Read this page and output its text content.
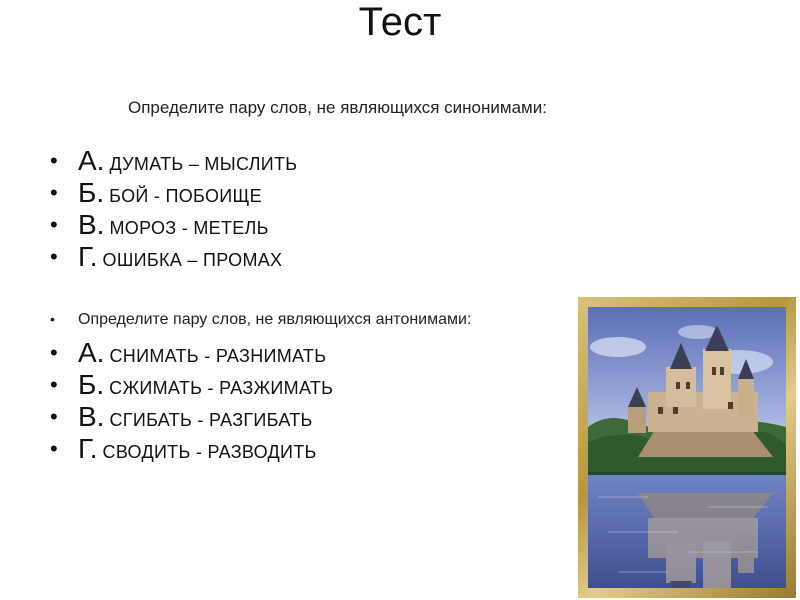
Тест
Определите пару слов, не являющихся синонимами:
• А. ДУМАТЬ – МЫСЛИТЬ
• Б. БОЙ - ПОБОИЩЕ
• В. МОРОЗ - МЕТЕЛЬ
• Г. ОШИБКА – ПРОМАХ
• Определите пару слов, не являющихся антонимами:
• А. СНИМАТЬ - РАЗНИМАТЬ
• Б. СЖИМАТЬ - РАЗЖИМАТЬ
• В. СГИБАТЬ - РАЗГИБАТЬ
• Г. СВОДИТЬ - РАЗВОДИТЬ
